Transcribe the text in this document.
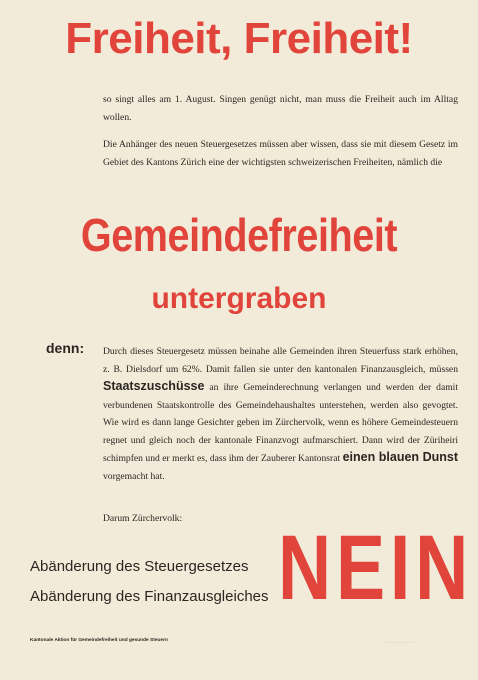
Freiheit, Freiheit!
so singt alles am 1. August. Singen genügt nicht, man muss die Freiheit auch im Alltag wollen.
Die Anhänger des neuen Steuergesetzes müssen aber wissen, dass sie mit diesem Gesetz im Gebiet des Kantons Zürich eine der wichtigsten schweizerischen Freiheiten, nämlich die
Gemeindefreiheit
untergraben
denn: Durch dieses Steuergesetz müssen beinahe alle Gemeinden ihren Steuerfuss stark erhöhen, z. B. Dielsdorf um 62%. Damit fallen sie unter den kantonalen Finanzausgleich, müssen Staatszuschüsse an ihre Gemeinderechnung verlangen und werden der damit verbundenen Staatskontrolle des Gemeindehaushaltes unterstehen, werden also gevogtet. Wie wird es dann lange Gesichter geben im Zürchervolk, wenn es höhere Gemeindesteuern regnet und gleich noch der kantonale Finanzvogt aufmarschiert. Dann wird der Züriheiri schimpfen und er merkt es, dass ihm der Zauberer Kantonsrat einen blauen Dunst vorgemacht hat.
Darum Zürchervolk:
Abänderung des Steuergesetzes
Abänderung des Finanzausgleiches NEIN
Kantonale Aktion für Gemeindefreiheit und gesunde Steuern	·····························
